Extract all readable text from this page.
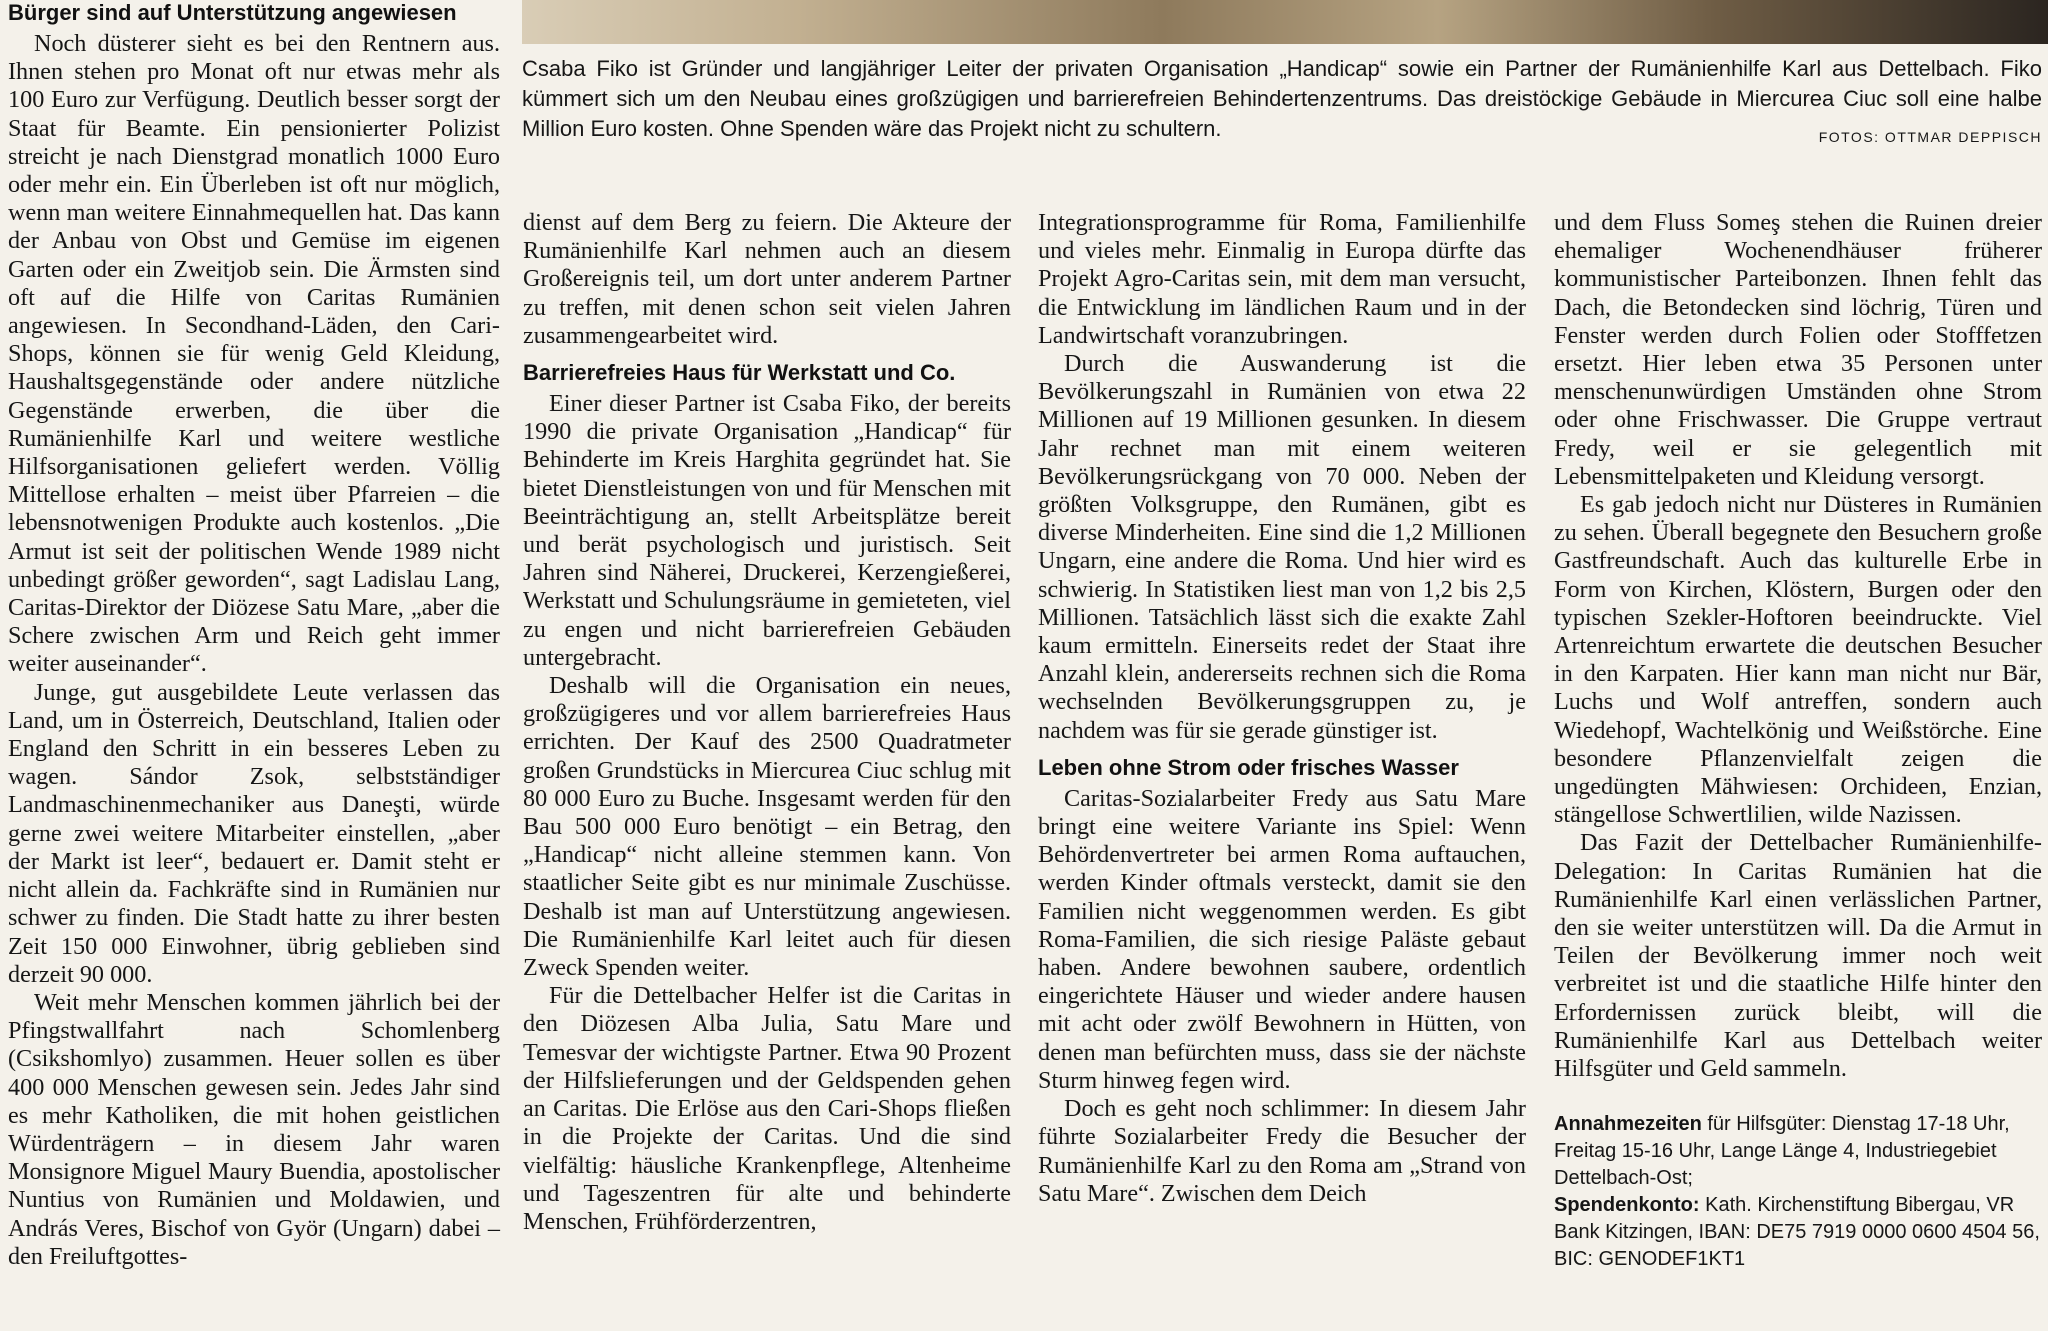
Csaba Fiko ist Gründer und langjähriger Leiter der privaten Organisation „Handicap“ sowie ein Partner der Rumänienhilfe Karl aus Dettelbach. Fiko kümmert sich um den Neubau eines großzügigen und barrierefreien Behindertenzentrums. Das dreistöckige Gebäude in Miercurea Ciuc soll eine halbe Million Euro kosten. Ohne Spenden wäre das Projekt nicht zu schultern.	FOTOS: OTTMAR DEPPISCH
Bürger sind auf Unterstützung angewiesen

Noch düsterer sieht es bei den Rentnern aus. Ihnen stehen pro Monat oft nur etwas mehr als 100 Euro zur Verfügung. Deutlich besser sorgt der Staat für Beamte. Ein pensionierter Polizist streicht je nach Dienstgrad monatlich 1000 Euro oder mehr ein. Ein Überleben ist oft nur möglich, wenn man weitere Einnahmequellen hat. Das kann der Anbau von Obst und Gemüse im eigenen Garten oder ein Zweitjob sein. Die Ärmsten sind oft auf die Hilfe von Caritas Rumänien angewiesen. In Secondhand-Läden, den Cari-Shops, können sie für wenig Geld Kleidung, Haushaltsgegenstände oder andere nützliche Gegenstände erwerben, die über die Rumänienhilfe Karl und weitere westliche Hilfsorganisationen geliefert werden. Völlig Mittellose erhalten – meist über Pfarreien – die lebensnotwenigen Produkte auch kostenlos. „Die Armut ist seit der politischen Wende 1989 nicht unbedingt größer geworden“, sagt Ladislau Lang, Caritas-Direktor der Diözese Satu Mare, „aber die Schere zwischen Arm und Reich geht immer weiter auseinander“.

Junge, gut ausgebildete Leute verlassen das Land, um in Österreich, Deutschland, Italien oder England den Schritt in ein besseres Leben zu wagen. Sándor Zsok, selbstständiger Landmaschinenmechaniker aus Daneşti, würde gerne zwei weitere Mitarbeiter einstellen, „aber der Markt ist leer“, bedauert er. Damit steht er nicht allein da. Fachkräfte sind in Rumänien nur schwer zu finden. Die Stadt hatte zu ihrer besten Zeit 150 000 Einwohner, übrig geblieben sind derzeit 90 000.

Weit mehr Menschen kommen jährlich bei der Pfingstwallfahrt nach Schomlenberg (Csikshomlyo) zusammen. Heuer sollen es über 400 000 Menschen gewesen sein. Jedes Jahr sind es mehr Katholiken, die mit hohen geistlichen Würdenträgern – in diesem Jahr waren Monsignore Miguel Maury Buendia, apostolischer Nuntius von Rumänien und Moldawien, und András Veres, Bischof von Györ (Ungarn) dabei – den Freiluftgottes-

dienst auf dem Berg zu feiern. Die Akteure der Rumänienhilfe Karl nehmen auch an diesem Großereignis teil, um dort unter anderem Partner zu treffen, mit denen schon seit vielen Jahren zusammengearbeitet wird.

Barrierefreies Haus für Werkstatt und Co.

Einer dieser Partner ist Csaba Fiko, der bereits 1990 die private Organisation „Handicap“ für Behinderte im Kreis Harghita gegründet hat. Sie bietet Dienstleistungen von und für Menschen mit Beeinträchtigung an, stellt Arbeitsplätze bereit und berät psychologisch und juristisch. Seit Jahren sind Näherei, Druckerei, Kerzengießerei, Werkstatt und Schulungsräume in gemieteten, viel zu engen und nicht barrierefreien Gebäuden untergebracht.

Deshalb will die Organisation ein neues, großzügigeres und vor allem barrierefreies Haus errichten. Der Kauf des 2500 Quadratmeter großen Grundstücks in Miercurea Ciuc schlug mit 80 000 Euro zu Buche. Insgesamt werden für den Bau 500 000 Euro benötigt – ein Betrag, den „Handicap“ nicht alleine stemmen kann. Von staatlicher Seite gibt es nur minimale Zuschüsse. Deshalb ist man auf Unterstützung angewiesen. Die Rumänienhilfe Karl leitet auch für diesen Zweck Spenden weiter.

Für die Dettelbacher Helfer ist die Caritas in den Diözesen Alba Julia, Satu Mare und Temesvar der wichtigste Partner. Etwa 90 Prozent der Hilfslieferungen und der Geldspenden gehen an Caritas. Die Erlöse aus den Cari-Shops fließen in die Projekte der Caritas. Und die sind vielfältig: häusliche Krankenpflege, Altenheime und Tageszentren für alte und behinderte Menschen, Frühförderzentren,

Integrationsprogramme für Roma, Familienhilfe und vieles mehr. Einmalig in Europa dürfte das Projekt Agro-Caritas sein, mit dem man versucht, die Entwicklung im ländlichen Raum und in der Landwirtschaft voranzubringen.

Durch die Auswanderung ist die Bevölkerungszahl in Rumänien von etwa 22 Millionen auf 19 Millionen gesunken. In diesem Jahr rechnet man mit einem weiteren Bevölkerungsrückgang von 70 000. Neben der größten Volksgruppe, den Rumänen, gibt es diverse Minderheiten. Eine sind die 1,2 Millionen Ungarn, eine andere die Roma. Und hier wird es schwierig. In Statistiken liest man von 1,2 bis 2,5 Millionen. Tatsächlich lässt sich die exakte Zahl kaum ermitteln. Einerseits redet der Staat ihre Anzahl klein, andererseits rechnen sich die Roma wechselnden Bevölkerungsgruppen zu, je nachdem was für sie gerade günstiger ist.

Leben ohne Strom oder frisches Wasser

Caritas-Sozialarbeiter Fredy aus Satu Mare bringt eine weitere Variante ins Spiel: Wenn Behördenvertreter bei armen Roma auftauchen, werden Kinder oftmals versteckt, damit sie den Familien nicht weggenommen werden. Es gibt Roma-Familien, die sich riesige Paläste gebaut haben. Andere bewohnen saubere, ordentlich eingerichtete Häuser und wieder andere hausen mit acht oder zwölf Bewohnern in Hütten, von denen man befürchten muss, dass sie der nächste Sturm hinweg fegen wird.

Doch es geht noch schlimmer: In diesem Jahr führte Sozialarbeiter Fredy die Besucher der Rumänienhilfe Karl zu den Roma am „Strand von Satu Mare“. Zwischen dem Deich

und dem Fluss Someş stehen die Ruinen dreier ehemaliger Wochenendhäuser früherer kommunistischer Parteibonzen. Ihnen fehlt das Dach, die Betondecken sind löchrig, Türen und Fenster werden durch Folien oder Stofffetzen ersetzt. Hier leben etwa 35 Personen unter menschenunwürdigen Umständen ohne Strom oder ohne Frischwasser. Die Gruppe vertraut Fredy, weil er sie gelegentlich mit Lebensmittelpaketen und Kleidung versorgt.

Es gab jedoch nicht nur Düsteres in Rumänien zu sehen. Überall begegnete den Besuchern große Gastfreundschaft. Auch das kulturelle Erbe in Form von Kirchen, Klöstern, Burgen oder den typischen Szekler-Hoftoren beeindruckte. Viel Artenreichtum erwartete die deutschen Besucher in den Karpaten. Hier kann man nicht nur Bär, Luchs und Wolf antreffen, sondern auch Wiedehopf, Wachtelkönig und Weißstörche. Eine besondere Pflanzenvielfalt zeigen die ungedüngten Mähwiesen: Orchideen, Enzian, stängellose Schwertlilien, wilde Nazissen.

Das Fazit der Dettelbacher Rumänienhilfe-Delegation: In Caritas Rumänien hat die Rumänienhilfe Karl einen verlässlichen Partner, den sie weiter unterstützen will. Da die Armut in Teilen der Bevölkerung immer noch weit verbreitet ist und die staatliche Hilfe hinter den Erfordernissen zurück bleibt, will die Rumänienhilfe Karl aus Dettelbach weiter Hilfsgüter und Geld sammeln.

Annahmezeiten für Hilfsgüter: Dienstag 17-18 Uhr, Freitag 15-16 Uhr, Lange Länge 4, Industriegebiet Dettelbach-Ost;
Spendenkonto: Kath. Kirchenstiftung Bibergau, VR Bank Kitzingen, IBAN: DE75 7919 0000 0600 4504 56, BIC: GENODEF1KT1
